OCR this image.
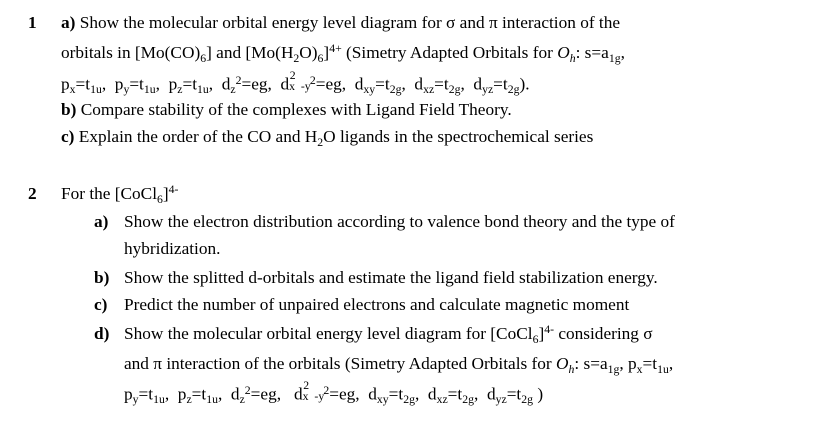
1 a) Show the molecular orbital energy level diagram for σ and π interaction of the
orbitals in $[Mo(CO)_6]$ and $[Mo(H_2O)_6]^{4+}$ (Simetry Adapted Orbitals for $O_h$: $s=a_{1g}$,
$p_x=t_{1u}$,  $p_y=t_{1u}$,  $p_z=t_{1u}$,  $d_z^2=eg$,  d 2
x  -y $^2$=eg,  $d_{xy}=t_{2g}$,  $d_{xz}=t_{2g}$,  $d_{yz}=t_{2g}$).
b) Compare stability of the complexes with Ligand Field Theory.
c) Explain the order of the CO and $H_2O$ ligands in the spectrochemical series
2 For the [CoCl$_6$]$^{4-}$
a) Show the electron distribution according to valence bond theory and the type of
hybridization.
b) Show the splitted d-orbitals and estimate the ligand field stabilization energy.
c) Predict the number of unpaired electrons and calculate magnetic moment
d) Show the molecular orbital energy level diagram for [CoCl$_6$]$^{4-}$ considering σ
and π interaction of the orbitals (Simetry Adapted Orbitals for $O_h$: $s=a_{1g}$, $p_x=t_{1u}$,
$p_y=t_{1u}$,  $p_z=t_{1u}$,  $d_z^2=eg$,   d 2
x  -y $^2$=eg,  $d_{xy}=t_{2g}$,  $d_{xz}=t_{2g}$,  $d_{yz}=t_{2g}$ )
